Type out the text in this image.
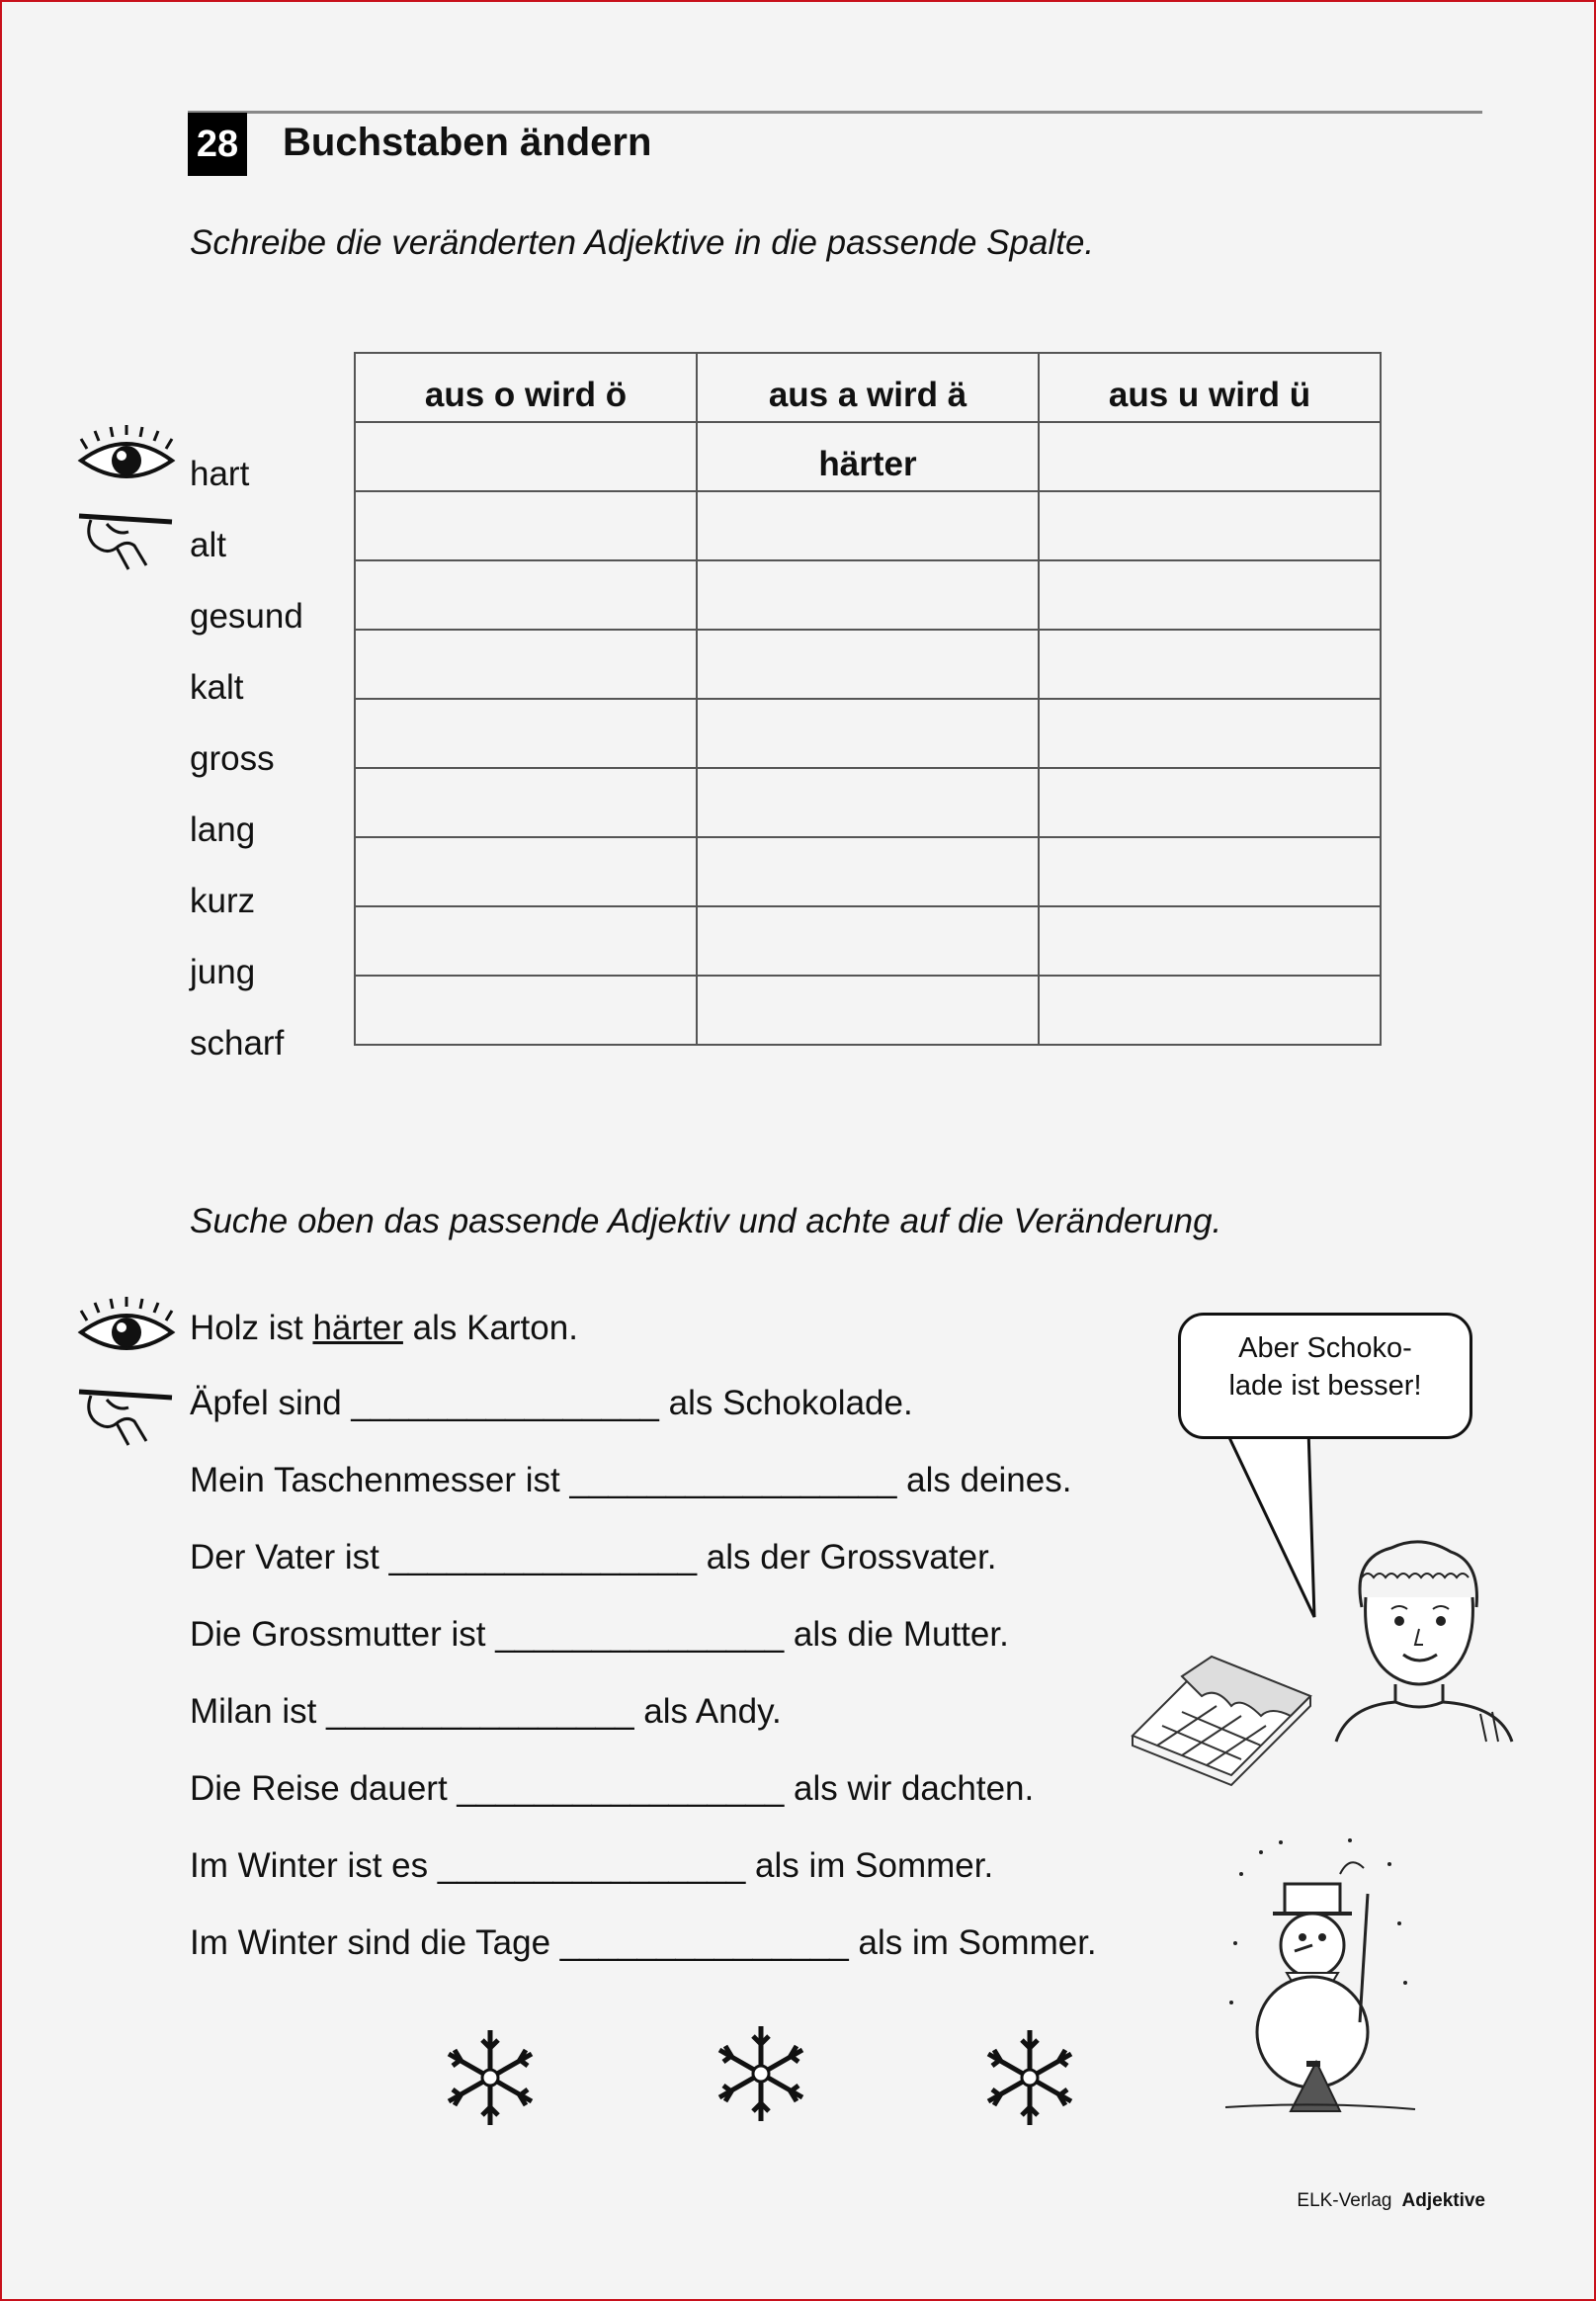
28 Buchstaben ändern
Schreibe die veränderten Adjektive in die passende Spalte.
hart
alt
gesund
kalt
gross
lang
kurz
jung
scharf
aus o wird ö	aus a wird ä	aus u wird ü

	härter	

Suche oben das passende Adjektiv und achte auf die Veränderung.
Holz ist härter als Karton.
Äpfel sind ________________ als Schokolade.
Mein Taschenmesser ist _________________ als deines.
Der Vater ist ________________ als der Grossvater.
Die Grossmutter ist _______________ als die Mutter.
Milan ist ________________ als Andy.
Die Reise dauert _________________ als wir dachten.
Im Winter ist es ________________ als im Sommer.
Im Winter sind die Tage _______________ als im Sommer.
Aber Schoko-
lade ist besser!
ELK-Verlag Adjektive
